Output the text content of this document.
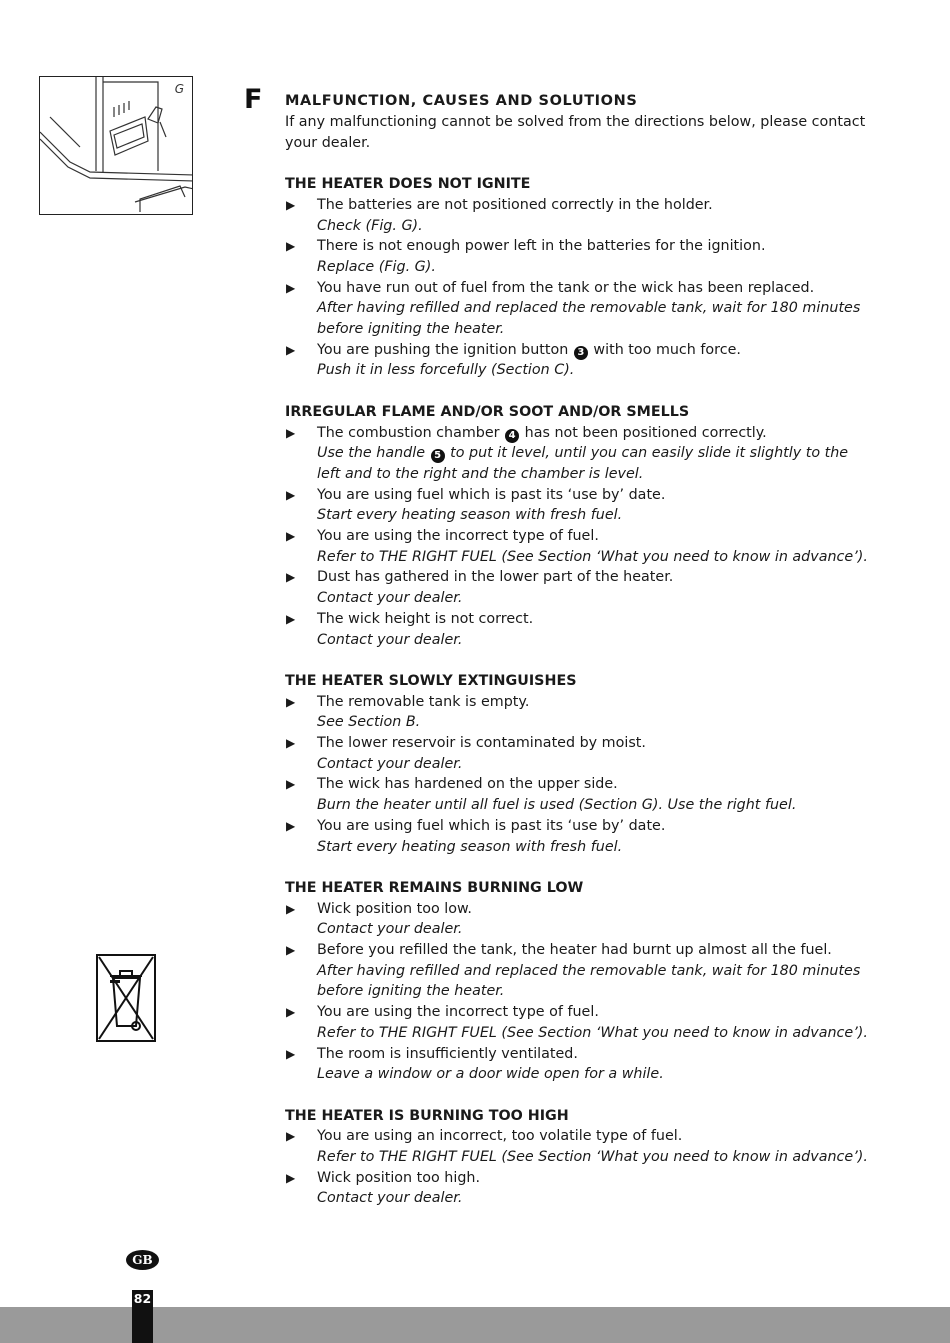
G F MALFUNCTION, CAUSES AND SOLUTIONS

If any malfunctioning cannot be solved from the directions below, please contact your dealer.

THE HEATER DOES NOT IGNITE
▶ The batteries are not positioned correctly in the holder.
Check (Fig. G).
▶ There is not enough power left in the batteries for the ignition.
Replace (Fig. G).
▶ You have run out of fuel from the tank or the wick has been replaced.
After having refilled and replaced the removable tank, wait for 180 minutes before igniting the heater.
▶ You are pushing the ignition button 3 with too much force.
Push it in less forcefully (Section C).
IRREGULAR FLAME AND/OR SOOT AND/OR SMELLS
▶ The combustion chamber 4 has not been positioned correctly.
Use the handle 5 to put it level, until you can easily slide it slightly to the left and to the right and the chamber is level.
▶ You are using fuel which is past its ‘use by’ date.
Start every heating season with fresh fuel.
▶ You are using the incorrect type of fuel.
Refer to THE RIGHT FUEL (See Section ‘What you need to know in advance’).
▶ Dust has gathered in the lower part of the heater.
Contact your dealer.
▶ The wick height is not correct.
Contact your dealer.
THE HEATER SLOWLY EXTINGUISHES
▶ The removable tank is empty.
See Section B.
▶ The lower reservoir is contaminated by moist.
Contact your dealer.
▶ The wick has hardened on the upper side.
Burn the heater until all fuel is used (Section G). Use the right fuel.
▶ You are using fuel which is past its ‘use by’ date.
Start every heating season with fresh fuel.
THE HEATER REMAINS BURNING LOW
▶ Wick position too low.
Contact your dealer.
▶ Before you refilled the tank, the heater had burnt up almost all the fuel.
After having refilled and replaced the removable tank, wait for 180 minutes before igniting the heater.
▶ You are using the incorrect type of fuel.
Refer to THE RIGHT FUEL (See Section ‘What you need to know in advance’).
▶ The room is insufficiently ventilated.
Leave a window or a door wide open for a while.
THE HEATER IS BURNING TOO HIGH
▶ You are using an incorrect, too volatile type of fuel.
Refer to THE RIGHT FUEL (See Section ‘What you need to know in advance’).
▶ Wick position too high.
Contact your dealer.
GB
82
